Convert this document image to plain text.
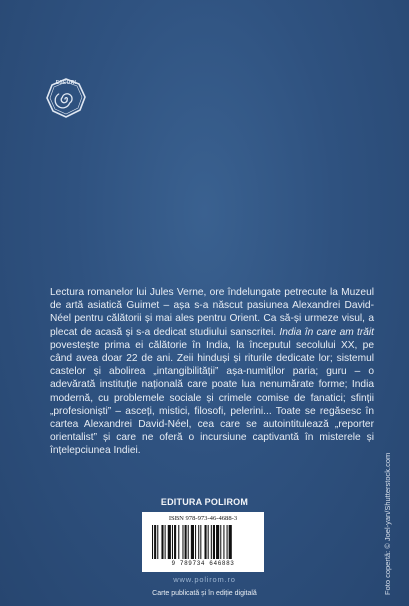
ESEURI

Lectura romanelor lui Jules Verne, ore îndelungate petrecute la Muzeul de artă asiatică Guimet – așa s-a născut pasiunea Alexandrei David-Néel pentru călătorii și mai ales pentru Orient. Ca să-și urmeze visul, a plecat de acasă și s-a dedicat studiului sanscritei. India în care am trăit povestește prima ei călătorie în India, la începutul secolului XX, pe când avea doar 22 de ani. Zeii hinduși și riturile dedicate lor; sistemul castelor și abolirea „intangibilității” așa-numiților paria; guru – o adevărată instituție națională care poate lua nenumărate forme; India modernă, cu problemele sociale și crimele comise de fanatici; sfinții „profesioniști” – asceți, mistici, filosofi, pelerini... Toate se regăsesc în cartea Alexandrei David-Néel, cea care se autointitulează „reporter orientalist” și care ne oferă o incursiune captivantă în misterele și înțelepciunea Indiei.

EDITURA POLIROM
ISBN 978-973-46-4688-3
9 789734 646883
www.polirom.ro
Carte publicată și în ediție digitală	Foto copertă: © Joel-yan/Shutterstock.com
